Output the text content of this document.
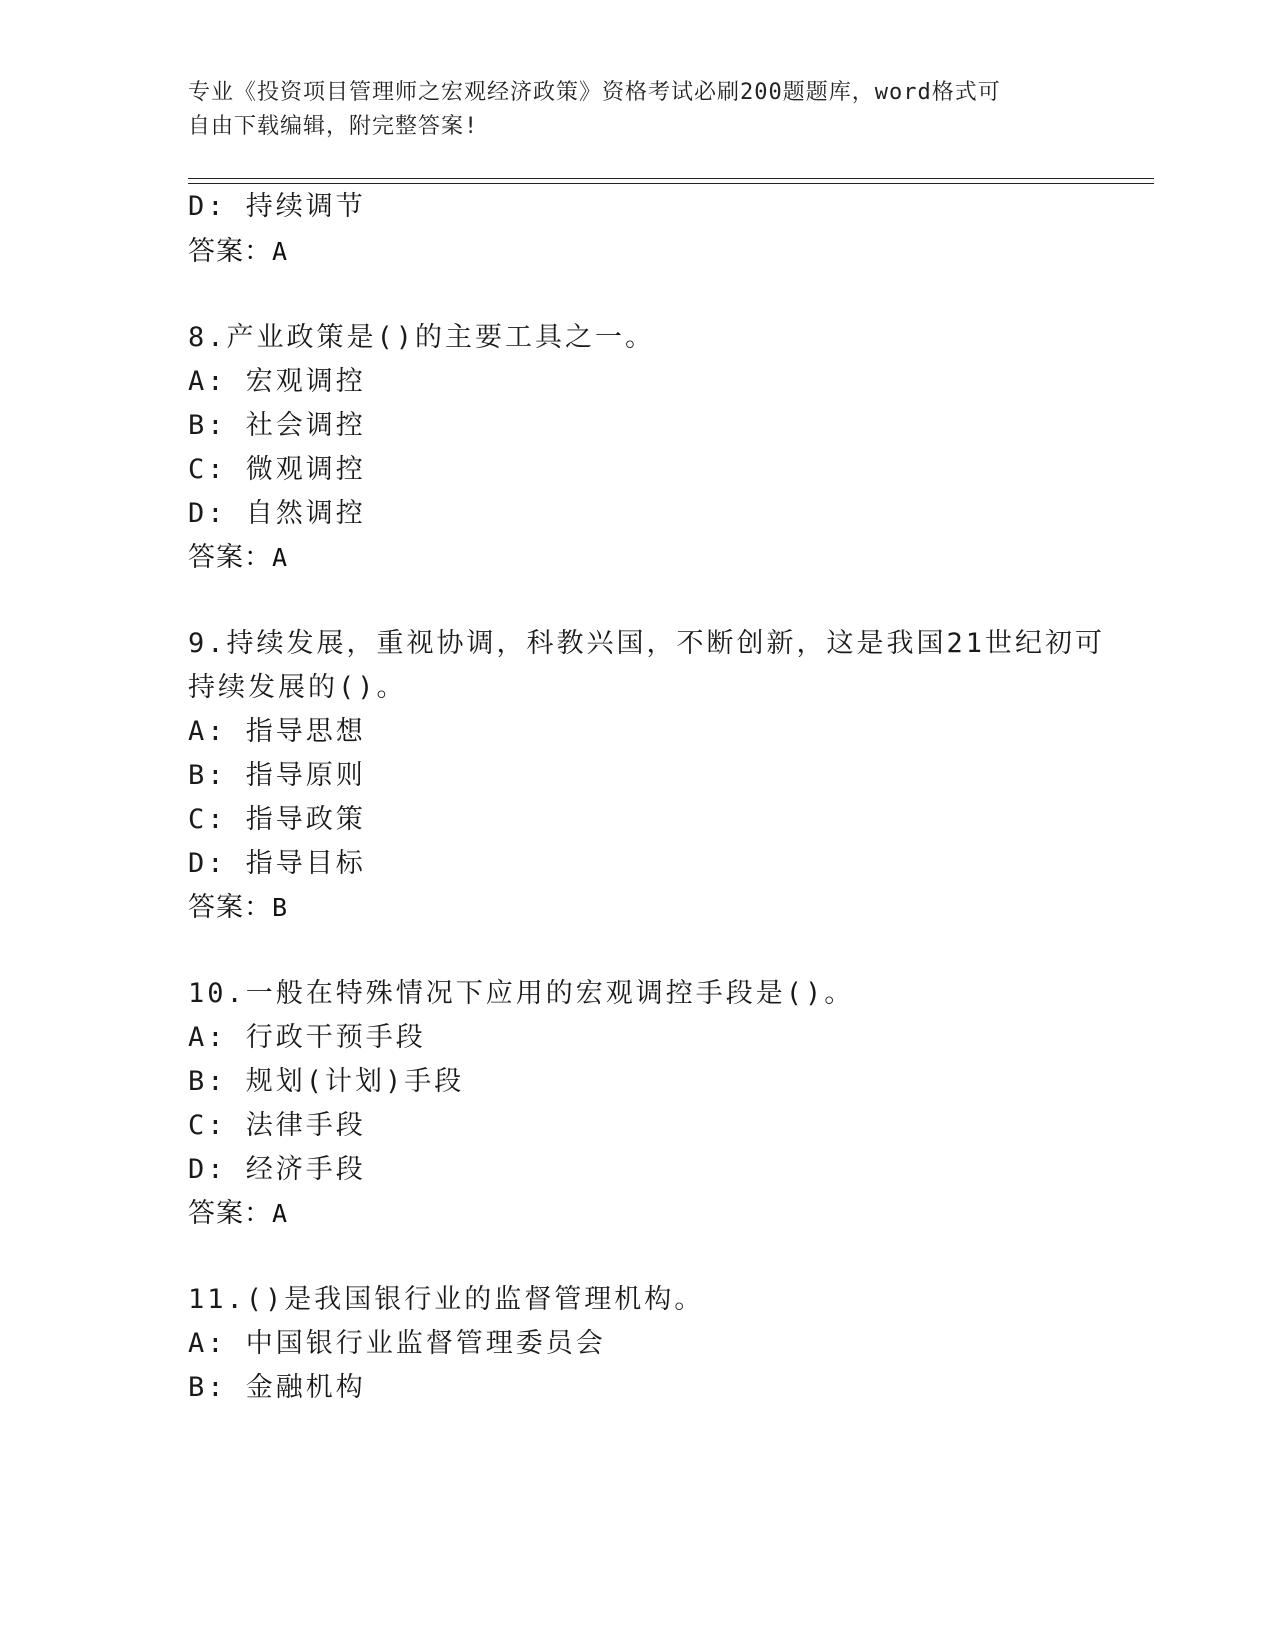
专业《投资项目管理师之宏观经济政策》资格考试必刷200题题库，word格式可
自由下载编辑，附完整答案!
D: 持续调节
答案：A
8.产业政策是()的主要工具之一。
A: 宏观调控
B: 社会调控
C: 微观调控
D: 自然调控
答案：A
9.持续发展，重视协调，科教兴国，不断创新，这是我国21世纪初可
持续发展的()。
A: 指导思想
B: 指导原则
C: 指导政策
D: 指导目标
答案：B
10.一般在特殊情况下应用的宏观调控手段是()。
A: 行政干预手段
B: 规划(计划)手段
C: 法律手段
D: 经济手段
答案：A
11.()是我国银行业的监督管理机构。
A: 中国银行业监督管理委员会
B: 金融机构
